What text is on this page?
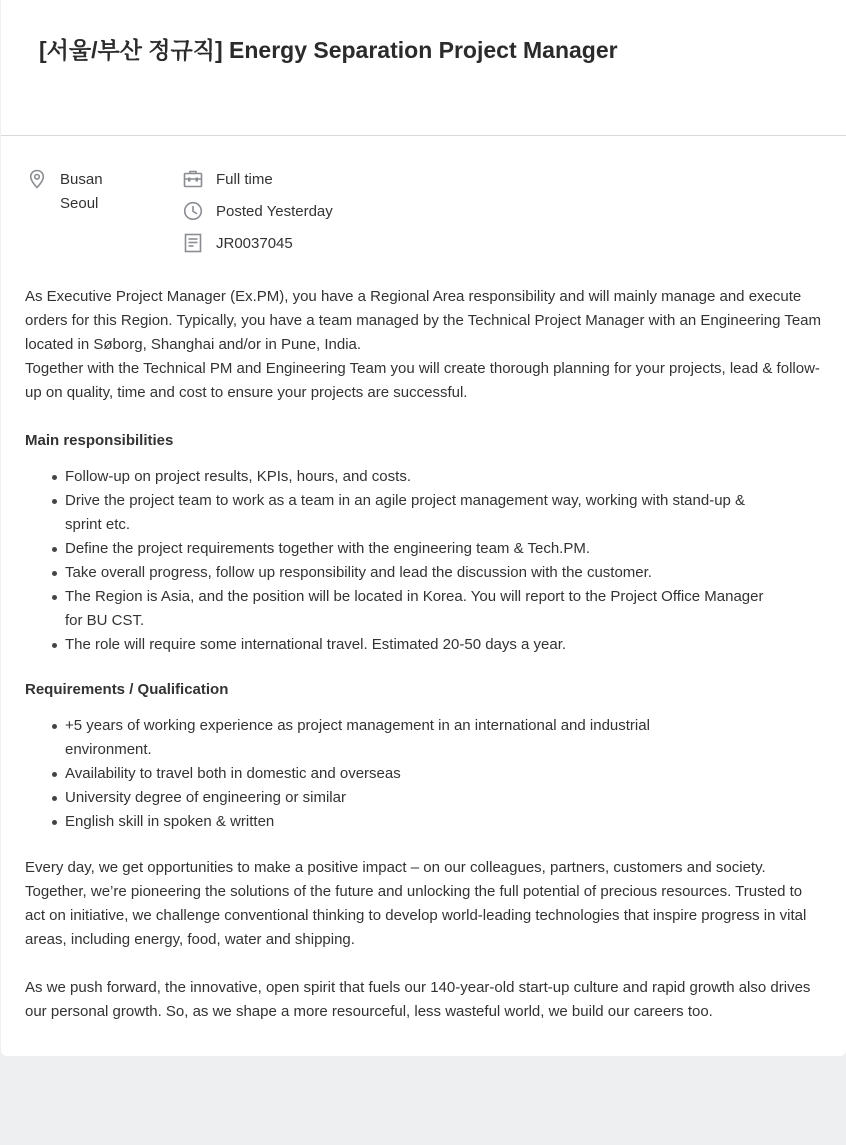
[서울/부산 정규직] Energy Separation Project Manager
Busan
Seoul
Full time
Posted Yesterday
JR0037045

As Executive Project Manager (Ex.PM), you have a Regional Area responsibility and will mainly manage and execute orders for this Region. Typically, you have a team managed by the Technical Project Manager with an Engineering Team located in Søborg, Shanghai and/or in Pune, India.

Together with the Technical PM and Engineering Team you will create thorough planning for your projects, lead & follow-up on quality, time and cost to ensure your projects are successful.

Main responsibilities

Follow-up on project results, KPIs, hours, and costs.
Drive the project team to work as a team in an agile project management way, working with stand-up & sprint etc.
Define the project requirements together with the engineering team & Tech.PM.
Take overall progress, follow up responsibility and lead the discussion with the customer.
The Region is Asia, and the position will be located in Korea. You will report to the Project Office Manager for BU CST.
The role will require some international travel. Estimated 20-50 days a year.

Requirements / Qualification

+5 years of working experience as project management in an international and industrial environment.
Availability to travel both in domestic and overseas
University degree of engineering or similar
English skill in spoken & written

Every day, we get opportunities to make a positive impact – on our colleagues, partners, customers and society. Together, we’re pioneering the solutions of the future and unlocking the full potential of precious resources. Trusted to act on initiative, we challenge conventional thinking to develop world-leading technologies that inspire progress in vital areas, including energy, food, water and shipping.

As we push forward, the innovative, open spirit that fuels our 140-year-old start-up culture and rapid growth also drives our personal growth. So, as we shape a more resourceful, less wasteful world, we build our careers too.
